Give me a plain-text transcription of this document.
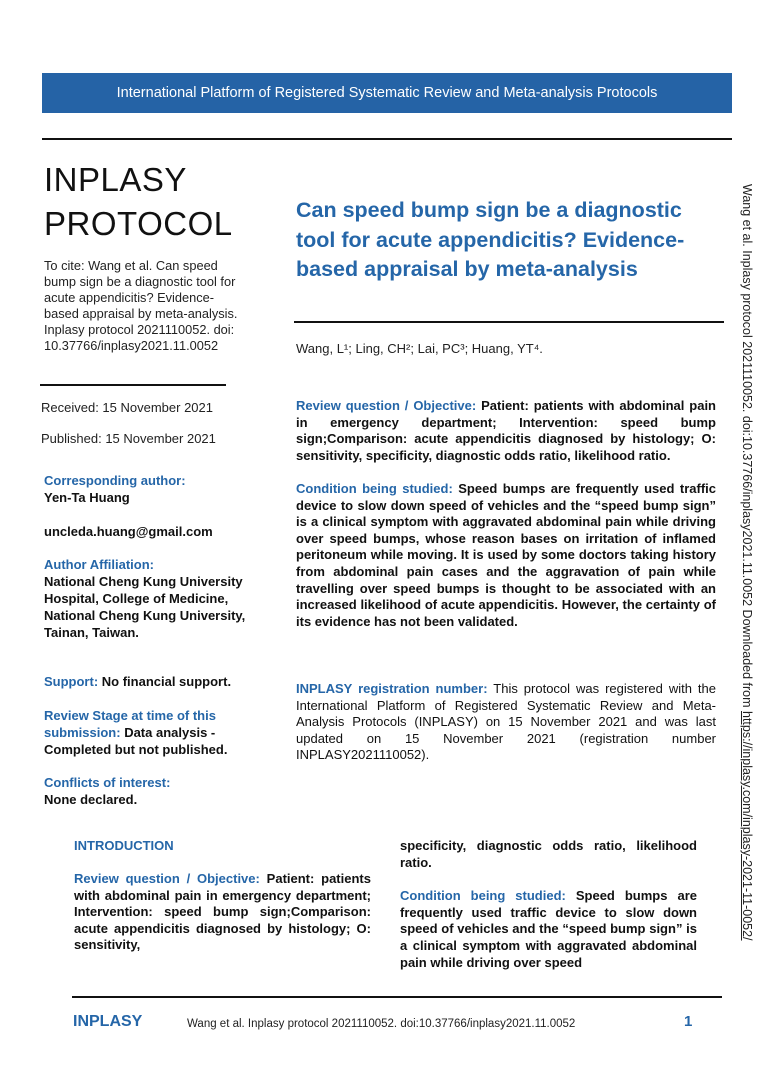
International Platform of Registered Systematic Review and Meta-analysis Protocols
INPLASY
PROTOCOL
To cite: Wang et al. Can speed bump sign be a diagnostic tool for acute appendicitis? Evidence-based appraisal by meta-analysis. Inplasy protocol 2021110052. doi: 10.37766/inplasy2021.11.0052
Received: 15 November 2021
Published: 15 November 2021
Corresponding author:
Yen-Ta Huang
uncleda.huang@gmail.com
Author Affiliation:
National Cheng Kung University Hospital, College of Medicine, National Cheng Kung University, Tainan, Taiwan.
Support: No financial support.
Review Stage at time of this submission: Data analysis - Completed but not published.
Conflicts of interest:
None declared.
Can speed bump sign be a diagnostic tool for acute appendicitis? Evidence-based appraisal by meta-analysis
Wang, L¹; Ling, CH²; Lai, PC³; Huang, YT⁴.
Review question / Objective: Patient: patients with abdominal pain in emergency department; Intervention: speed bump sign;Comparison: acute appendicitis diagnosed by histology; O: sensitivity, specificity, diagnostic odds ratio, likelihood ratio.
Condition being studied: Speed bumps are frequently used traffic device to slow down speed of vehicles and the “speed bump sign” is a clinical symptom with aggravated abdominal pain while driving over speed bumps, whose reason bases on irritation of inflamed peritoneum while moving. It is used by some doctors taking history from abdominal pain cases and the aggravation of pain while travelling over speed bumps is thought to be associated with an increased likelihood of acute appendicitis. However, the certainty of its evidence has not been validated.
INPLASY registration number: This protocol was registered with the International Platform of Registered Systematic Review and Meta-Analysis Protocols (INPLASY) on 15 November 2021 and was last updated on 15 November 2021 (registration number INPLASY2021110052).
INTRODUCTION
Review question / Objective: Patient: patients with abdominal pain in emergency department; Intervention: speed bump sign;Comparison: acute appendicitis diagnosed by histology; O: sensitivity,
specificity, diagnostic odds ratio, likelihood ratio.
Condition being studied: Speed bumps are frequently used traffic device to slow down speed of vehicles and the “speed bump sign” is a clinical symptom with aggravated abdominal pain while driving over speed
INPLASY	Wang et al. Inplasy protocol 2021110052. doi:10.37766/inplasy2021.11.0052	1
Wang et al. Inplasy protocol 2021110052. doi:10.37766/inplasy2021.11.0052 Downloaded from https://inplasy.com/inplasy-2021-11-0052/
